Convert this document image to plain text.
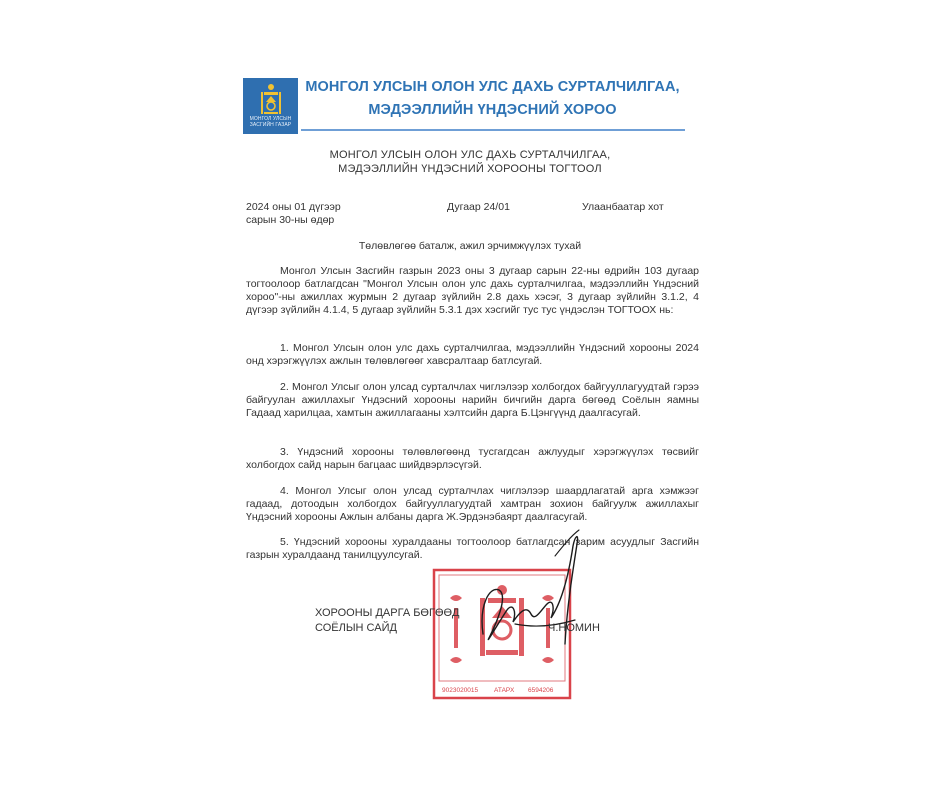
МОНГОЛ УЛСЫН
ЗАСГИЙН ГАЗАР
МОНГОЛ УЛСЫН ОЛОН УЛС ДАХЬ СУРТАЛЧИЛГАА,
МЭДЭЭЛЛИЙН ҮНДЭСНИЙ ХОРОО
МОНГОЛ УЛСЫН ОЛОН УЛС ДАХЬ СУРТАЛЧИЛГАА,
МЭДЭЭЛЛИЙН ҮНДЭСНИЙ ХОРООНЫ ТОГТООЛ
2024 оны 01 дүгээр
сарын 30-ны өдөр
Дугаар 24/01	Улаанбаатар хот
Төлөвлөгөө баталж, ажил эрчимжүүлэх тухай
Монгол Улсын Засгийн газрын 2023 оны 3 дугаар сарын 22-ны өдрийн 103 дугаар тогтоолоор батлагдсан "Монгол Улсын олон улс дахь сурталчилгаа, мэдээллийн Үндэсний хороо"-ны ажиллах журмын 2 дугаар зүйлийн 2.8 дахь хэсэг, 3 дугаар зүйлийн 3.1.2, 4 дүгээр зүйлийн 4.1.4, 5 дугаар зүйлийн 5.3.1 дэх хэсгийг тус тус үндэслэн ТОГТООХ нь:
1. Монгол Улсын олон улс дахь сурталчилгаа, мэдээллийн Үндэсний хорооны 2024 онд хэрэгжүүлэх ажлын төлөвлөгөөг хавсралтаар батлсугай.
2. Монгол Улсыг олон улсад сурталчлах чиглэлээр холбогдох байгууллагуудтай гэрээ байгуулан ажиллахыг Үндэсний хорооны нарийн бичгийн дарга бөгөөд Соёлын яамны Гадаад харилцаа, хамтын ажиллагааны хэлтсийн дарга Б.Цэнгүүнд даалгасугай.
3. Үндэсний хорооны төлөвлөгөөнд тусгагдсан ажлуудыг хэрэгжүүлэх төсвийг холбогдох сайд нарын багцаас шийдвэрлэсүгэй.
4. Монгол Улсыг олон улсад сурталчлах чиглэлээр шаардлагатай арга хэмжээг гадаад, дотоодын холбогдох байгууллагуудтай хамтран зохион байгуулж ажиллахыг Үндэсний хорооны Ажлын албаны дарга Ж.Эрдэнэбаярт даалгасугай.
5. Үндэсний хорооны хуралдааны тогтоолоор батлагдсан зарим асуудлыг Засгийн газрын хуралдаанд танилцуулсугай.
9023020015 АТАРХ 6594206
ХОРООНЫ ДАРГА БӨГӨӨД
СОЁЛЫН САЙД	Ч.НОМИН
